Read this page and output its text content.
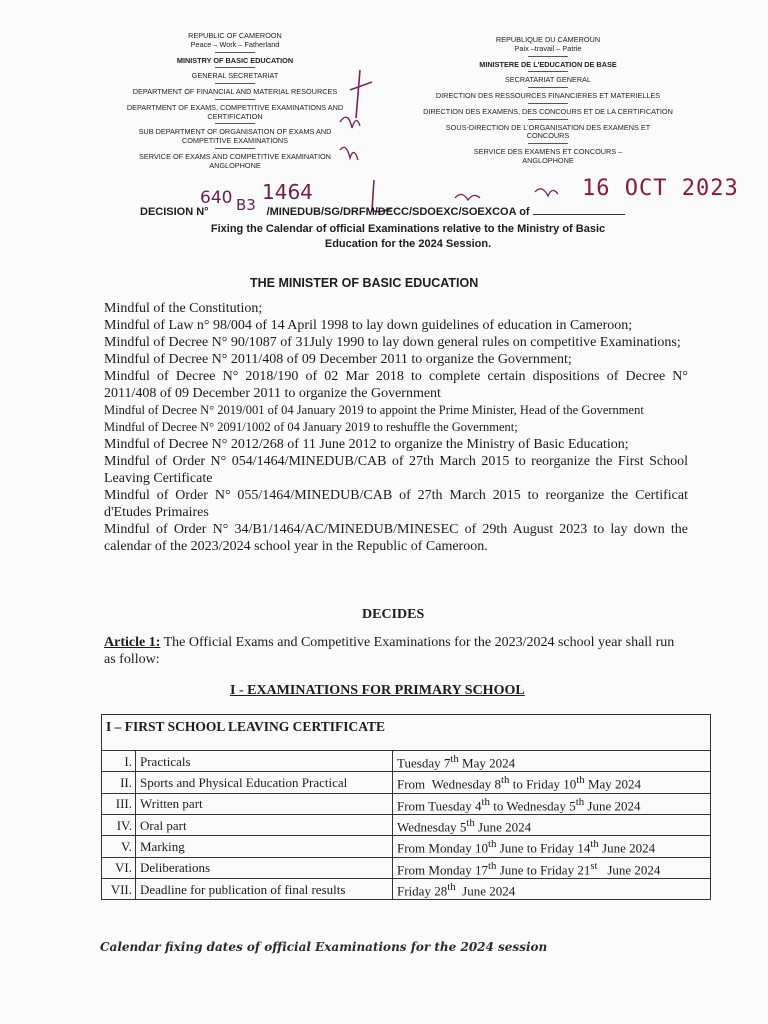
REPUBLIC OF CAMEROON
Peace – Work – Fatherland
MINISTRY OF BASIC EDUCATION
GENERAL SECRETARIAT
DEPARTMENT OF FINANCIAL AND MATERIAL RESOURCES
DEPARTMENT OF EXAMS, COMPETITIVE EXAMINATIONS AND
CERTIFICATION
SUB DEPARTMENT OF ORGANISATION OF EXAMS AND
COMPETITIVE EXAMINATIONS
SERVICE OF EXAMS AND COMPETITIVE EXAMINATION
ANGLOPHONE
REPUBLIQUE DU CAMEROUN
Paix –travail – Patrie
MINISTERE DE L'EDUCATION DE BASE
SECRATARIAT GENERAL
DIRECTION DES RESSOURCES FINANCIERES ET MATERIELLES
DIRECTION DES EXAMENS, DES CONCOURS ET DE LA CERTIFICATION
SOUS-DIRECTION DE L'ORGANISATION DES EXAMENS ET
CONCOURS
SERVICE DES EXAMENS ET CONCOURS –
ANGLOPHONE
640 B3
1464	16 OCT 2023
DECISION N°	/MINEDUB/SG/DRFM/DECC/SDOEXC/SOEXCOA of
Fixing the Calendar of official Examinations relative to the Ministry of Basic
Education for the 2024 Session.
THE MINISTER OF BASIC EDUCATION

Mindful of the Constitution;

Mindful of Law n° 98/004 of 14 April 1998 to lay down guidelines of education in Cameroon;

Mindful of Decree N° 90/1087 of 31July 1990 to lay down general rules on competitive Examinations;

Mindful of Decree N° 2011/408 of 09 December 2011 to organize the Government;

Mindful of Decree N° 2018/190 of 02 Mar 2018 to complete certain dispositions of Decree N° 2011/408 of 09 December 2011 to organize the Government

Mindful of Decree N° 2019/001 of 04 January 2019 to appoint the Prime Minister, Head of the Government

Mindful of Decree N° 2091/1002 of 04 January 2019 to reshuffle the Government;

Mindful of Decree N° 2012/268 of 11 June 2012 to organize the Ministry of Basic Education;

Mindful of Order N° 054/1464/MINEDUB/CAB of 27th March 2015 to reorganize the First School Leaving Certificate

Mindful of Order N° 055/1464/MINEDUB/CAB of 27th March 2015 to reorganize the Certificat d'Etudes Primaires

Mindful of Order N° 34/B1/1464/AC/MINEDUB/MINESEC of 29th August 2023 to lay down the calendar of the 2023/2024 school year in the Republic of Cameroon.

DECIDES
Article 1: The Official Exams and Competitive Examinations for the 2023/2024 school year shall run as follow:
I - EXAMINATIONS FOR PRIMARY SCHOOL
I – FIRST SCHOOL LEAVING CERTIFICATE		
I.	Practicals	Tuesday 7th May 2024
II.	Sports and Physical Education Practical	From  Wednesday 8th to Friday 10th May 2024
III.	Written part	From Tuesday 4th to Wednesday 5th June 2024
IV.	Oral part	Wednesday 5th June 2024
V.	Marking	From Monday 10th June to Friday 14th June 2024
VI.	Deliberations	From Monday 17th June to Friday 21st   June 2024
VII.	Deadline for publication of final results	Friday 28th  June 2024
Calendar fixing dates of official Examinations for the 2024 session
